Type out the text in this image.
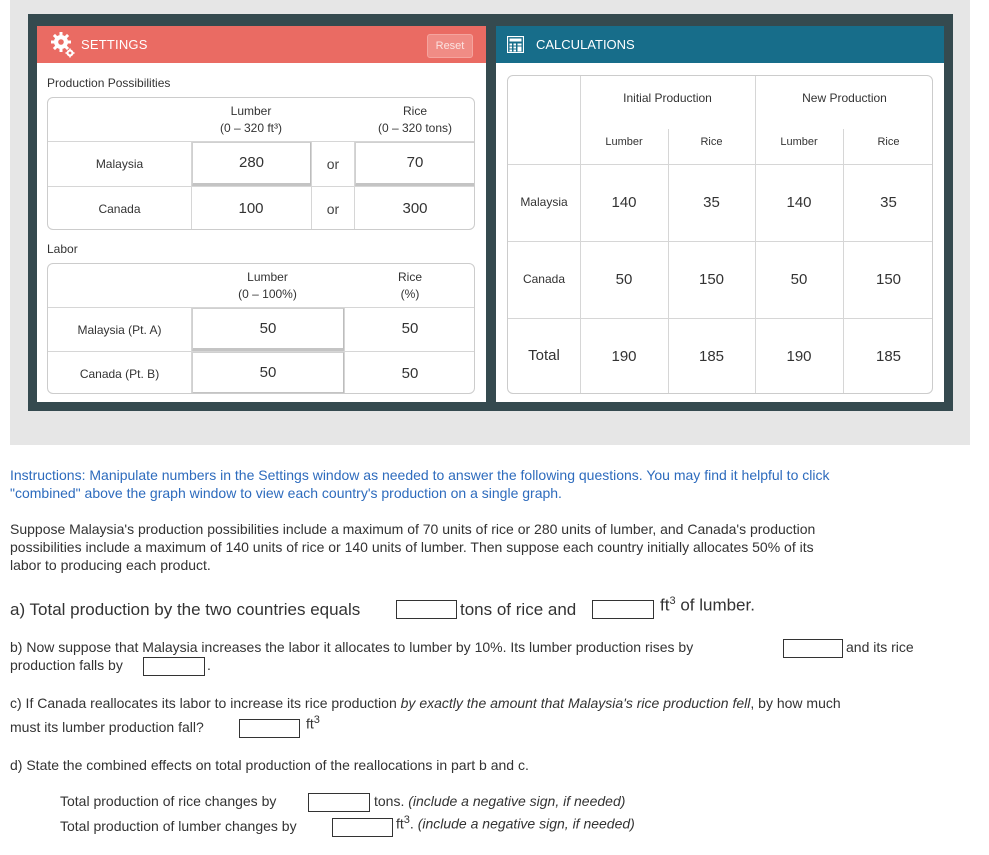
SETTINGS	Reset
Production Possibilities
Lumber
(0 – 320 ft³)
Rice
(0 – 320 tons)
Malaysia	280	or	70
Canada	100	or	300
Labor
Lumber
(0 – 100%)
Rice
(%)
Malaysia (Pt. A)	50	50
Canada (Pt. B)	50	50
CALCULATIONS
Initial Production	New Production
Lumber	Rice	Lumber	Rice
Malaysia	140	35	140	35
Canada	50	150	50	150
Total	190	185	190	185
Instructions: Manipulate numbers in the Settings window as needed to answer the following questions. You may find it helpful to click
"combined" above the graph window to view each country's production on a single graph.
Suppose Malaysia's production possibilities include a maximum of 70 units of rice or 280 units of lumber, and Canada's production
possibilities include a maximum of 140 units of rice or 140 units of lumber. Then suppose each country initially allocates 50% of its
labor to producing each product.
a) Total production by the two countries equals	tons of rice and	$ft^3$ of lumber.
b) Now suppose that Malaysia increases the labor it allocates to lumber by 10%. Its lumber production rises by	and its rice
production falls by	.
c) If Canada reallocates its labor to increase its rice production by exactly the amount that Malaysia's rice production fell, by how much
must its lumber production fall?	$ft^3$
d) State the combined effects on total production of the reallocations in part b and c.
Total production of rice changes by	tons. (include a negative sign, if needed)
Total production of lumber changes by	$ft^3$. (include a negative sign, if needed)
